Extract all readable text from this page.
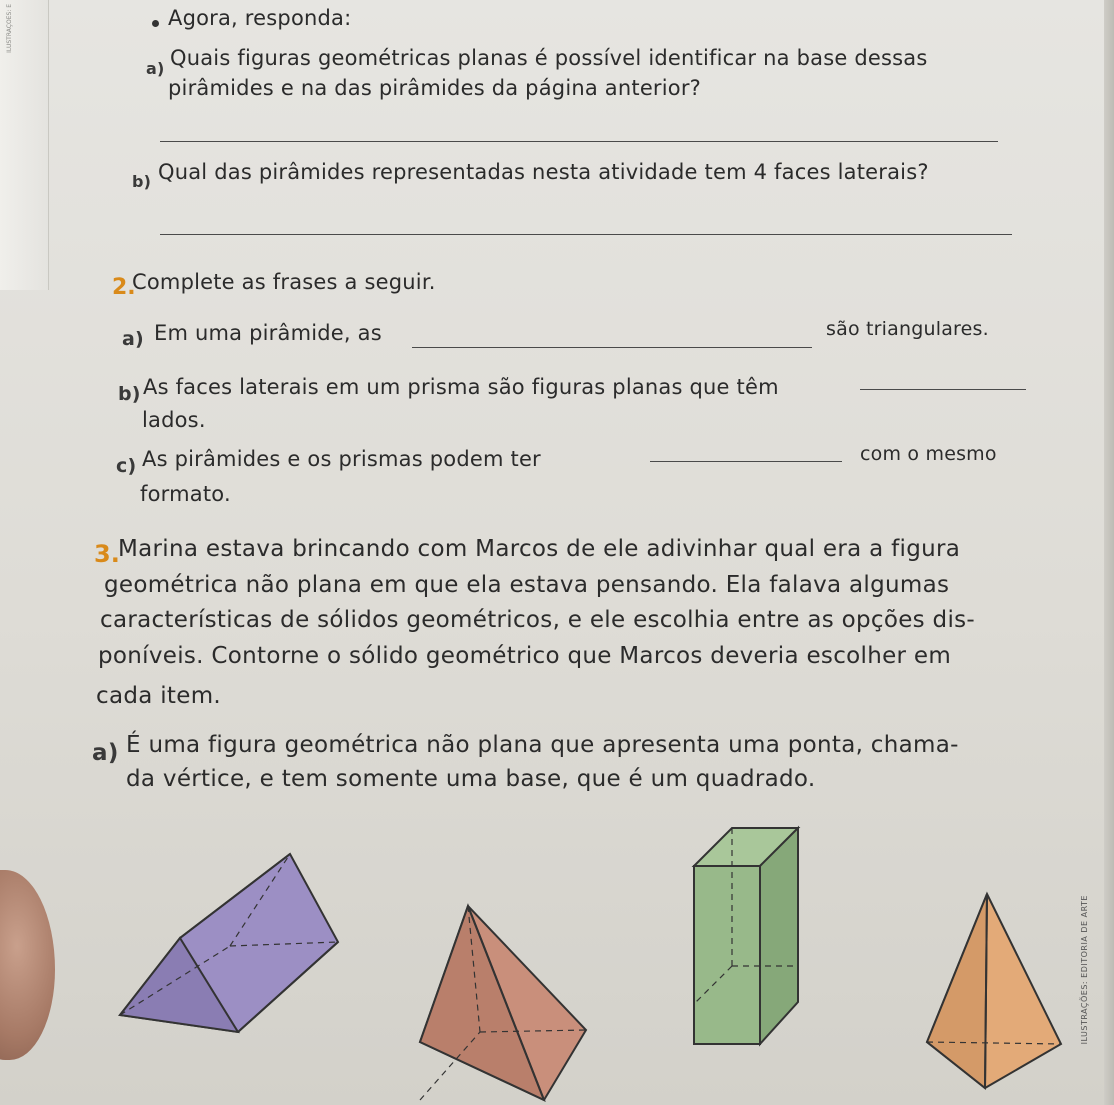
ILUSTRAÇÕES: E	Agora, responda:
a) Quais figuras geométricas planas é possível identificar na base dessas
pirâmides e na das pirâmides da página anterior?
b) Qual das pirâmides representadas nesta atividade tem 4 faces laterais?
2.
Complete as frases a seguir.
a) Em uma pirâmide, as	são triangulares.
b) As faces laterais em um prisma são figuras planas que têm
lados.
c) As pirâmides e os prismas podem ter	com o mesmo
formato.
3.
Marina estava brincando com Marcos de ele adivinhar qual era a figura
geométrica não plana em que ela estava pensando. Ela falava algumas
características de sólidos geométricos, e ele escolhia entre as opções dis-
poníveis. Contorne o sólido geométrico que Marcos deveria escolher em
cada item.
a) É uma figura geométrica não plana que apresenta uma ponta, chama-
da vértice, e tem somente uma base, que é um quadrado.
ILUSTRAÇÕES: EDITORIA DE ARTE
